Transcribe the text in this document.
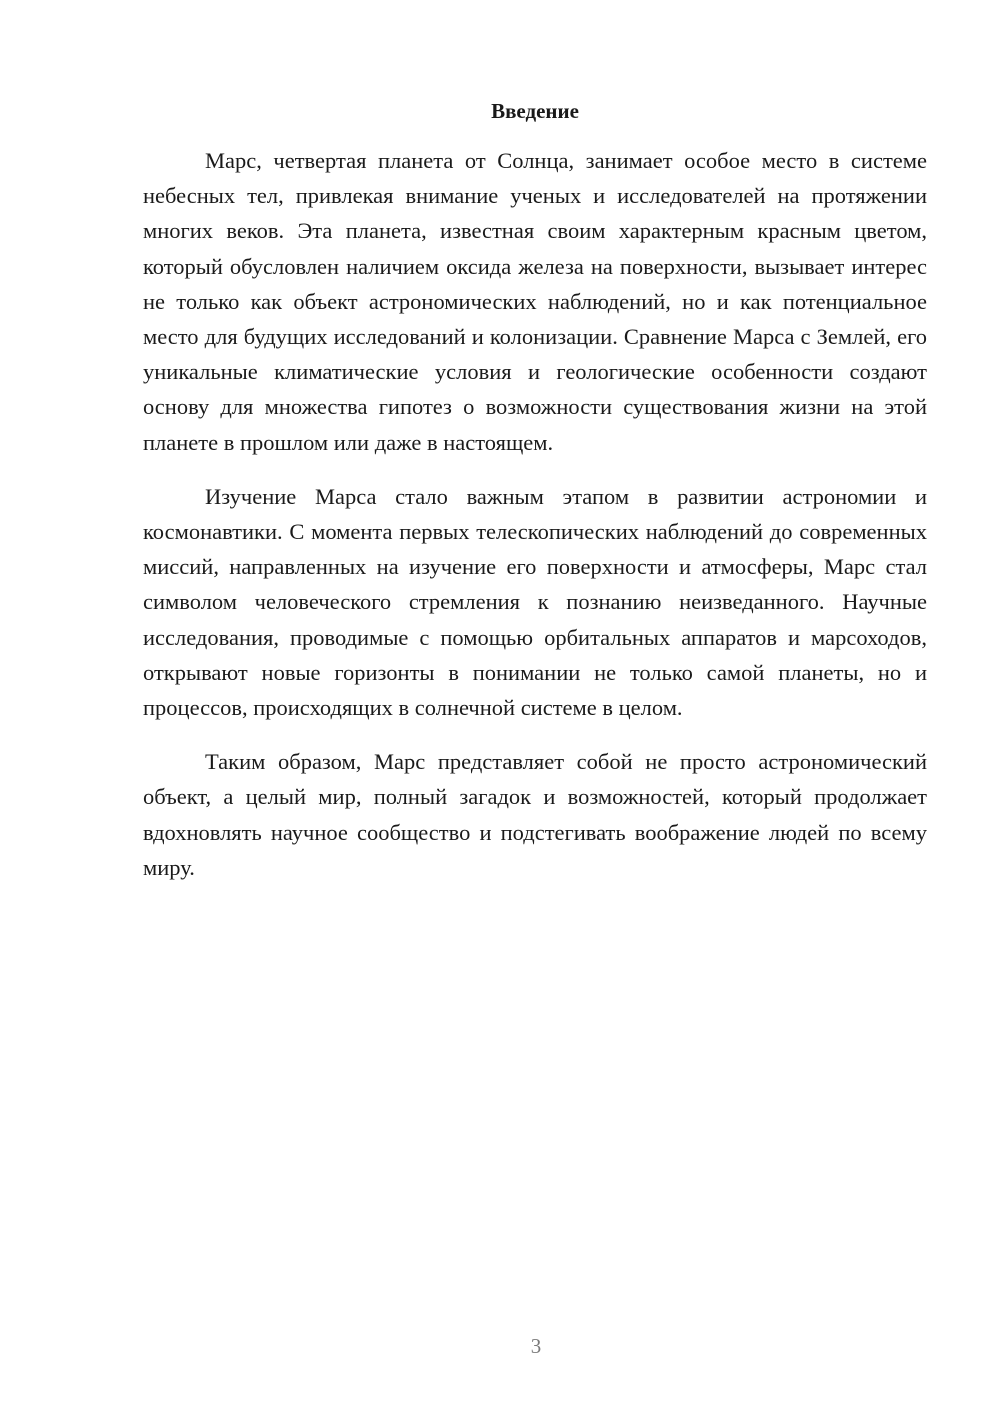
Введение

Марс, четвертая планета от Солнца, занимает особое место в системе небесных тел, привлекая внимание ученых и исследователей на протяжении многих веков. Эта планета, известная своим характерным красным цветом, который обусловлен наличием оксида железа на поверхности, вызывает интерес не только как объект астрономических наблюдений, но и как потенциальное место для будущих исследований и колонизации. Сравнение Марса с Землей, его уникальные климатические условия и геологические особенности создают основу для множества гипотез о возможности существования жизни на этой планете в прошлом или даже в настоящем.

Изучение Марса стало важным этапом в развитии астрономии и космонавтики. С момента первых телескопических наблюдений до современных миссий, направленных на изучение его поверхности и атмосферы, Марс стал символом человеческого стремления к познанию неизведанного. Научные исследования, проводимые с помощью орбитальных аппаратов и марсоходов, открывают новые горизонты в понимании не только самой планеты, но и процессов, происходящих в солнечной системе в целом.

Таким образом, Марс представляет собой не просто астрономический объект, а целый мир, полный загадок и возможностей, который продолжает вдохновлять научное сообщество и подстегивать воображение людей по всему миру.

3
